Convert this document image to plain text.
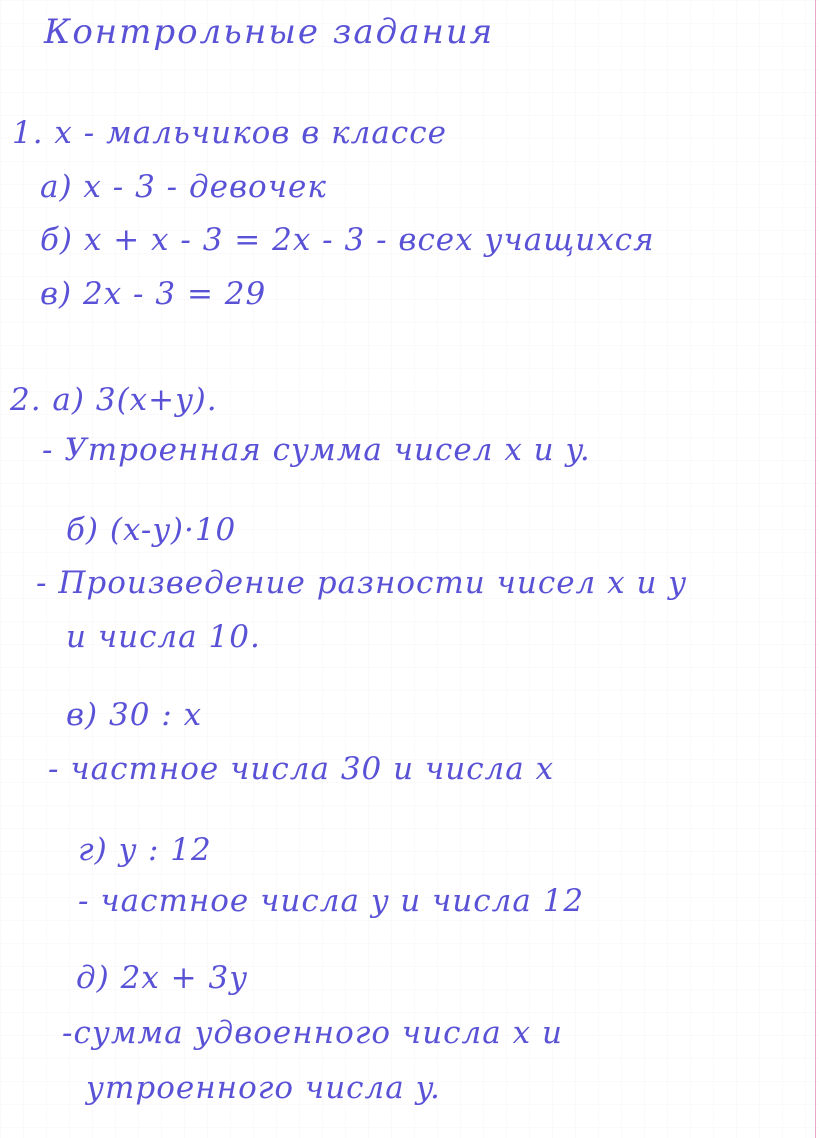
Контрольные задания
1. x - мальчиков в классе
а) x - 3 - девочек
б) x + x - 3 = 2x - 3 - всех учащихся
в) 2x - 3 = 29
2. а) 3(x+y).
- Утроенная сумма чисел x и y.
б) (x-y)·10
- Произведение разности чисел x и y
и числа 10.
в) 30 : x
- частное числа 30 и числа x
г) y : 12
- частное числа y и числа 12
д) 2x + 3y
-сумма удвоенного числа x и
утроенного числа y.
